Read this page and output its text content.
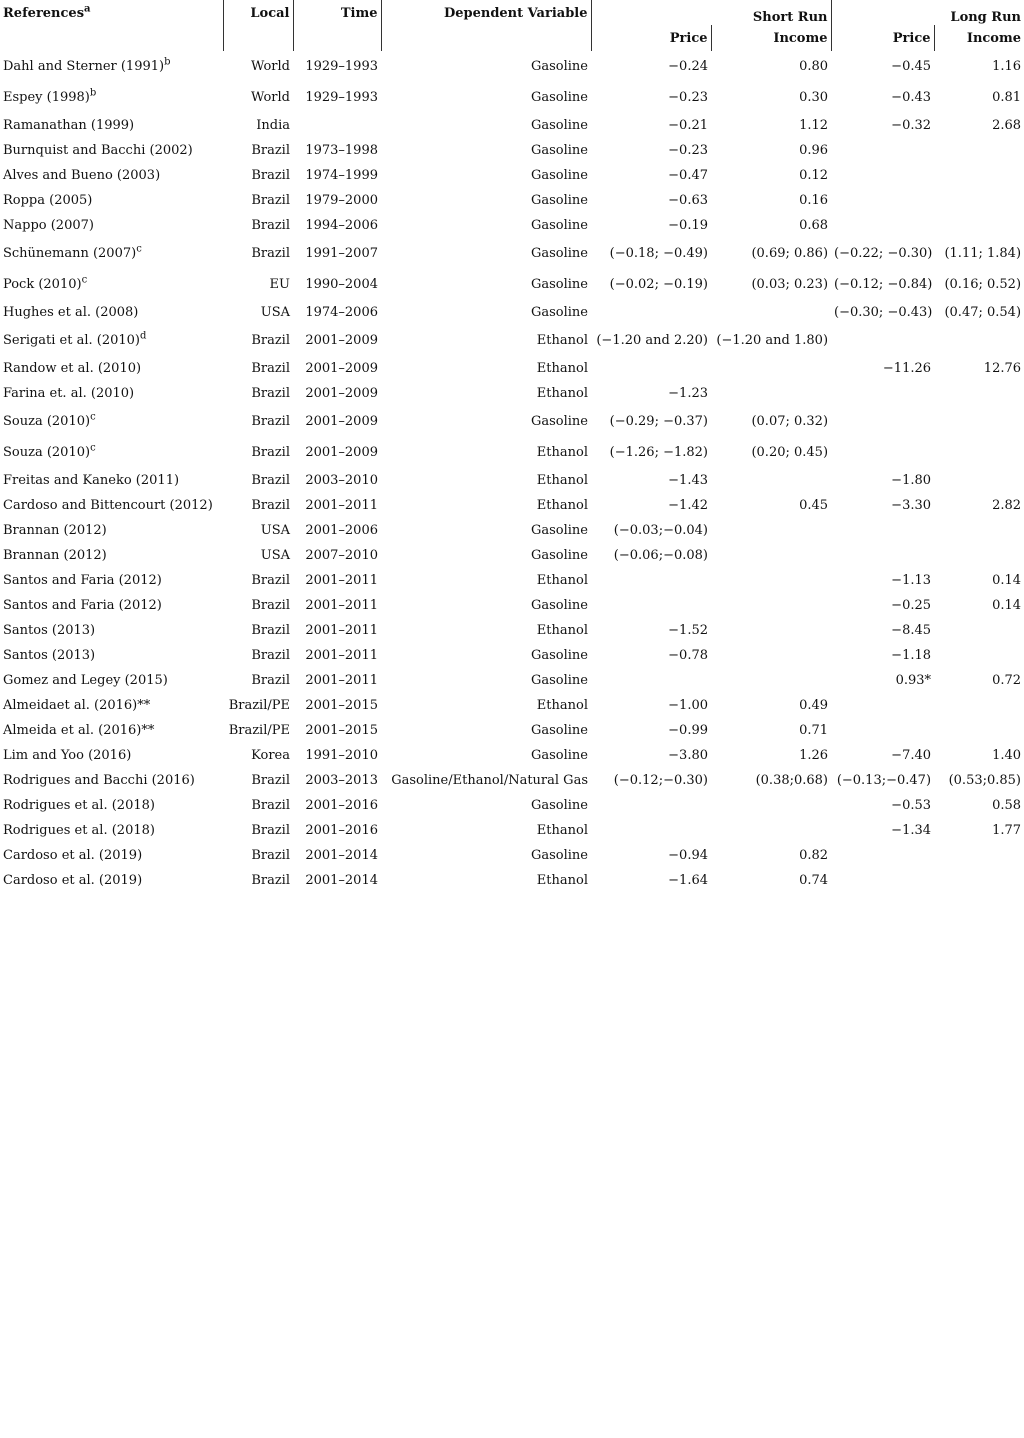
References$^a$	Local	Time	Dependent Variable	Short Run		Long Run	
				Price	Income	Price	Income
Dahl and Sterner $(1991)^b$	World	1929–1993	Gasoline	−0.24	0.80	−0.45	1.16
Espey $(1998)^b$	World	1929–1993	Gasoline	−0.23	0.30	−0.43	0.81
Ramanathan (1999)	India		Gasoline	−0.21	1.12	−0.32	2.68
Burnquist and Bacchi (2002)	Brazil	1973–1998	Gasoline	−0.23	0.96		
Alves and Bueno (2003)	Brazil	1974–1999	Gasoline	−0.47	0.12		
Roppa (2005)	Brazil	1979–2000	Gasoline	−0.63	0.16		
Nappo (2007)	Brazil	1994–2006	Gasoline	−0.19	0.68		
Schünemann $(2007)^c$	Brazil	1991–2007	Gasoline	(−0.18; −0.49)	(0.69; 0.86)	(−0.22; −0.30)	(1.11; 1.84)
Pock $(2010)^c$	EU	1990–2004	Gasoline	(−0.02; −0.19)	(0.03; 0.23)	(−0.12; −0.84)	(0.16; 0.52)
Hughes et al. (2008)	USA	1974–2006	Gasoline			(−0.30; −0.43)	(0.47; 0.54)
Serigati et al. $(2010)^d$	Brazil	2001–2009	Ethanol	(−1.20 and 2.20)	(−1.20 and 1.80)		
Randow et al. (2010)	Brazil	2001–2009	Ethanol			−11.26	12.76
Farina et. al. (2010)	Brazil	2001–2009	Ethanol	−1.23			
Souza $(2010)^c$	Brazil	2001–2009	Gasoline	(−0.29; −0.37)	(0.07; 0.32)		
Souza $(2010)^c$	Brazil	2001–2009	Ethanol	(−1.26; −1.82)	(0.20; 0.45)		
Freitas and Kaneko (2011)	Brazil	2003–2010	Ethanol	−1.43		−1.80	
Cardoso and Bittencourt (2012)	Brazil	2001–2011	Ethanol	−1.42	0.45	−3.30	2.82
Brannan (2012)	USA	2001–2006	Gasoline	(−0.03;−0.04)			
Brannan (2012)	USA	2007–2010	Gasoline	(−0.06;−0.08)			
Santos and Faria (2012)	Brazil	2001–2011	Ethanol			−1.13	0.14
Santos and Faria (2012)	Brazil	2001–2011	Gasoline			−0.25	0.14
Santos (2013)	Brazil	2001–2011	Ethanol	−1.52		−8.45	
Santos (2013)	Brazil	2001–2011	Gasoline	−0.78		−1.18	
Gomez and Legey (2015)	Brazil	2001–2011	Gasoline			0.93*	0.72
Almeidaet al. (2016)**	Brazil/PE	2001–2015	Ethanol	−1.00	0.49		
Almeida et al. (2016)**	Brazil/PE	2001–2015	Gasoline	−0.99	0.71		
Lim and Yoo (2016)	Korea	1991–2010	Gasoline	−3.80	1.26	−7.40	1.40
Rodrigues and Bacchi (2016)	Brazil	2003–2013	Gasoline/Ethanol/Natural Gas	(−0.12;−0.30)	(0.38;0.68)	(−0.13;−0.47)	(0.53;0.85)
Rodrigues et al. (2018)	Brazil	2001–2016	Gasoline			−0.53	0.58
Rodrigues et al. (2018)	Brazil	2001–2016	Ethanol			−1.34	1.77
Cardoso et al. (2019)	Brazil	2001–2014	Gasoline	−0.94	0.82		
Cardoso et al. (2019)	Brazil	2001–2014	Ethanol	−1.64	0.74		
